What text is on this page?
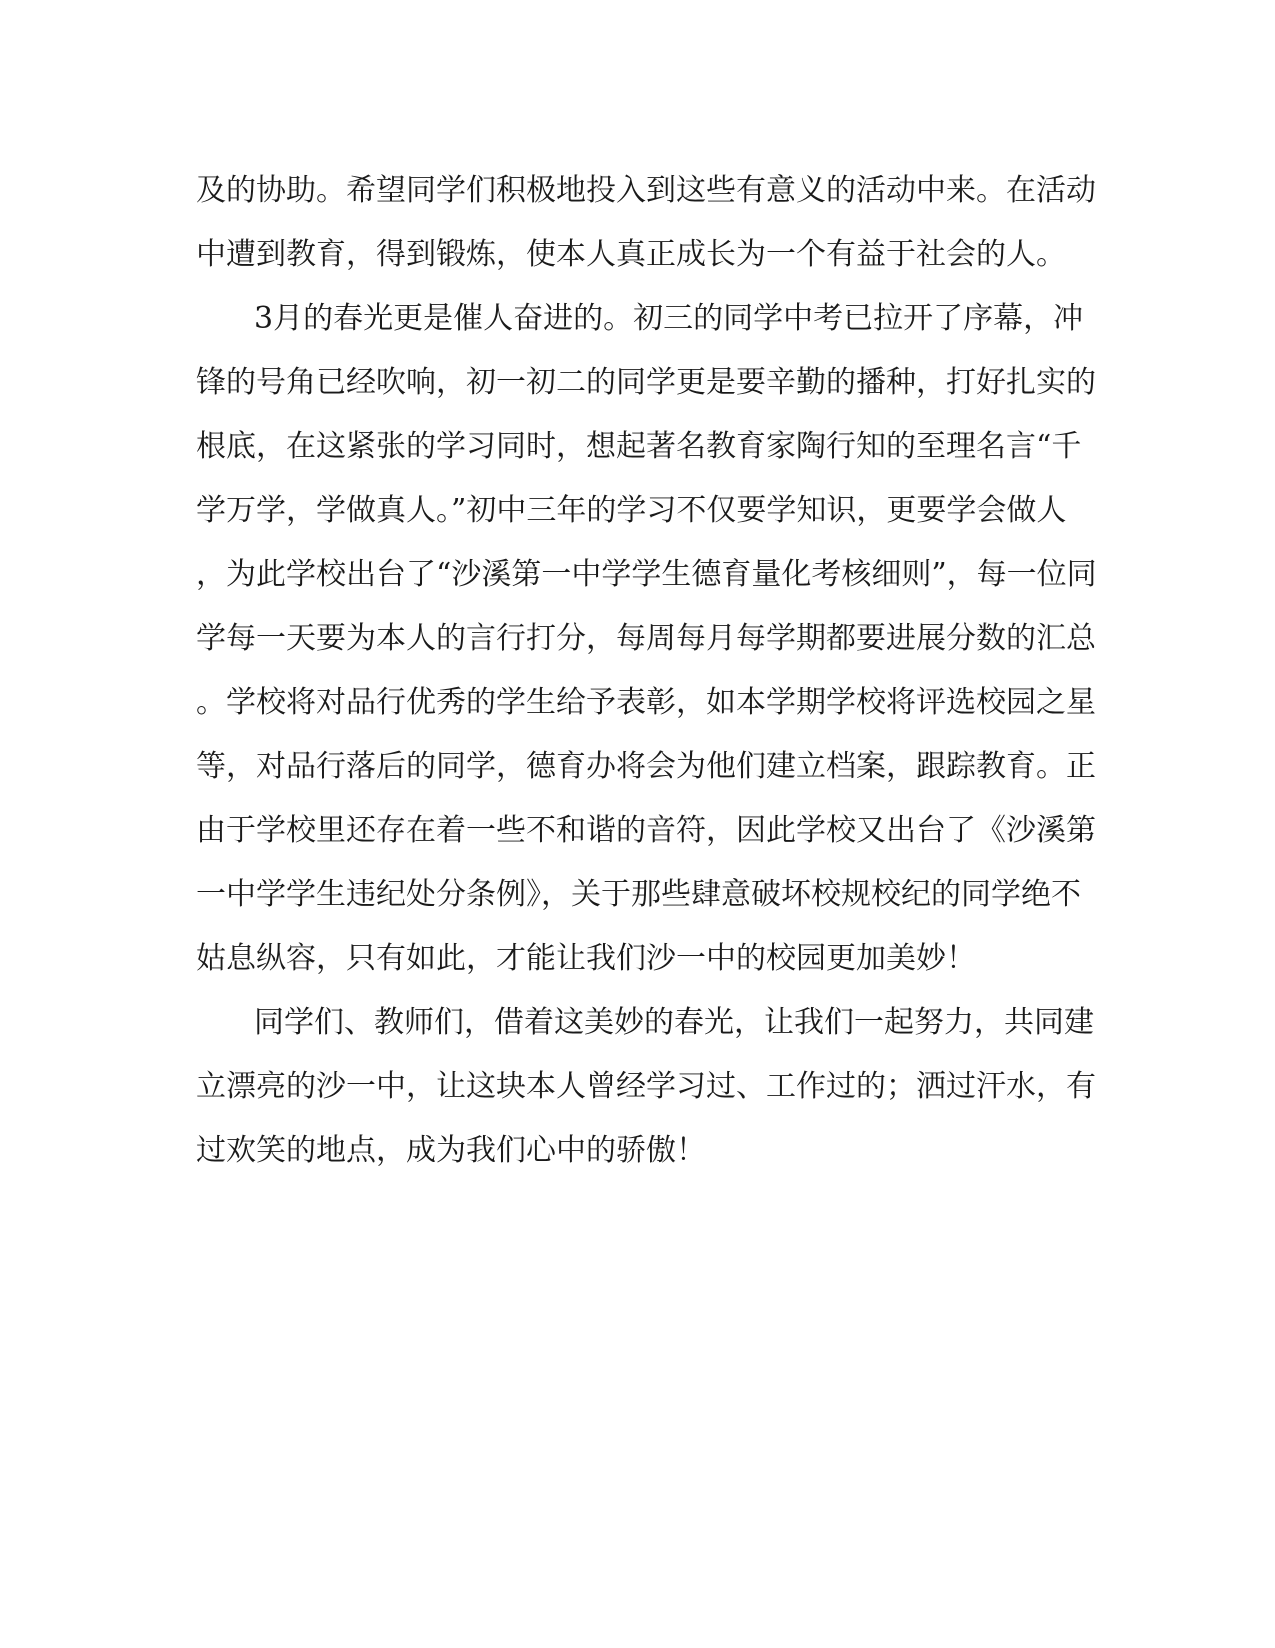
及的协助。希望同学们积极地投入到这些有意义的活动中来。在活动
中遭到教育，得到锻炼，使本人真正成长为一个有益于社会的人。
3月的春光更是催人奋进的。初三的同学中考已拉开了序幕，冲
锋的号角已经吹响，初一初二的同学更是要辛勤的播种，打好扎实的
根底，在这紧张的学习同时，想起著名教育家陶行知的至理名言“千
学万学，学做真人。”初中三年的学习不仅要学知识，更要学会做人
，为此学校出台了“沙溪第一中学学生德育量化考核细则”，每一位同
学每一天要为本人的言行打分，每周每月每学期都要进展分数的汇总
。学校将对品行优秀的学生给予表彰，如本学期学校将评选校园之星
等，对品行落后的同学，德育办将会为他们建立档案，跟踪教育。正
由于学校里还存在着一些不和谐的音符，因此学校又出台了《沙溪第
一中学学生违纪处分条例》，关于那些肆意破坏校规校纪的同学绝不
姑息纵容，只有如此，才能让我们沙一中的校园更加美妙！
同学们、教师们，借着这美妙的春光，让我们一起努力，共同建
立漂亮的沙一中，让这块本人曾经学习过、工作过的；洒过汗水，有
过欢笑的地点，成为我们心中的骄傲！
